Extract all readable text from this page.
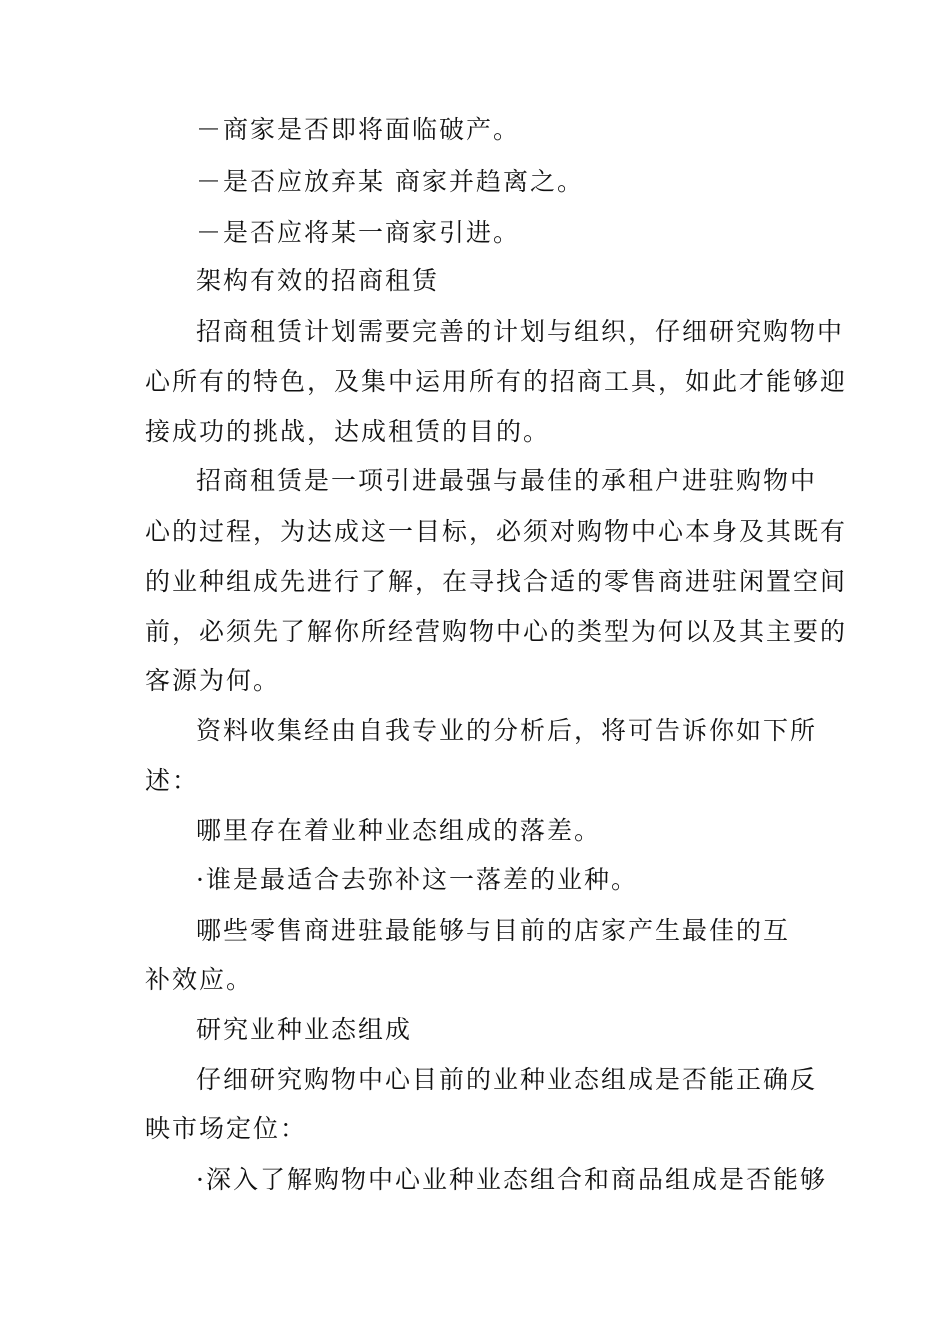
－商家是否即将面临破产。
－是否应放弃某 商家并趋离之。
－是否应将某一商家引进。
架构有效的招商租赁
招商租赁计划需要完善的计划与组织，仔细研究购物中
心所有的特色，及集中运用所有的招商工具，如此才能够迎
接成功的挑战，达成租赁的目的。
招商租赁是一项引进最强与最佳的承租户进驻购物中
心的过程，为达成这一目标，必须对购物中心本身及其既有
的业种组成先进行了解，在寻找合适的零售商进驻闲置空间
前，必须先了解你所经营购物中心的类型为何以及其主要的
客源为何。
资料收集经由自我专业的分析后，将可告诉你如下所
述：
哪里存在着业种业态组成的落差。
·谁是最适合去弥补这一落差的业种。
哪些零售商进驻最能够与目前的店家产生最佳的互
补效应。
研究业种业态组成
仔细研究购物中心目前的业种业态组成是否能正确反
映市场定位：
·深入了解购物中心业种业态组合和商品组成是否能够
